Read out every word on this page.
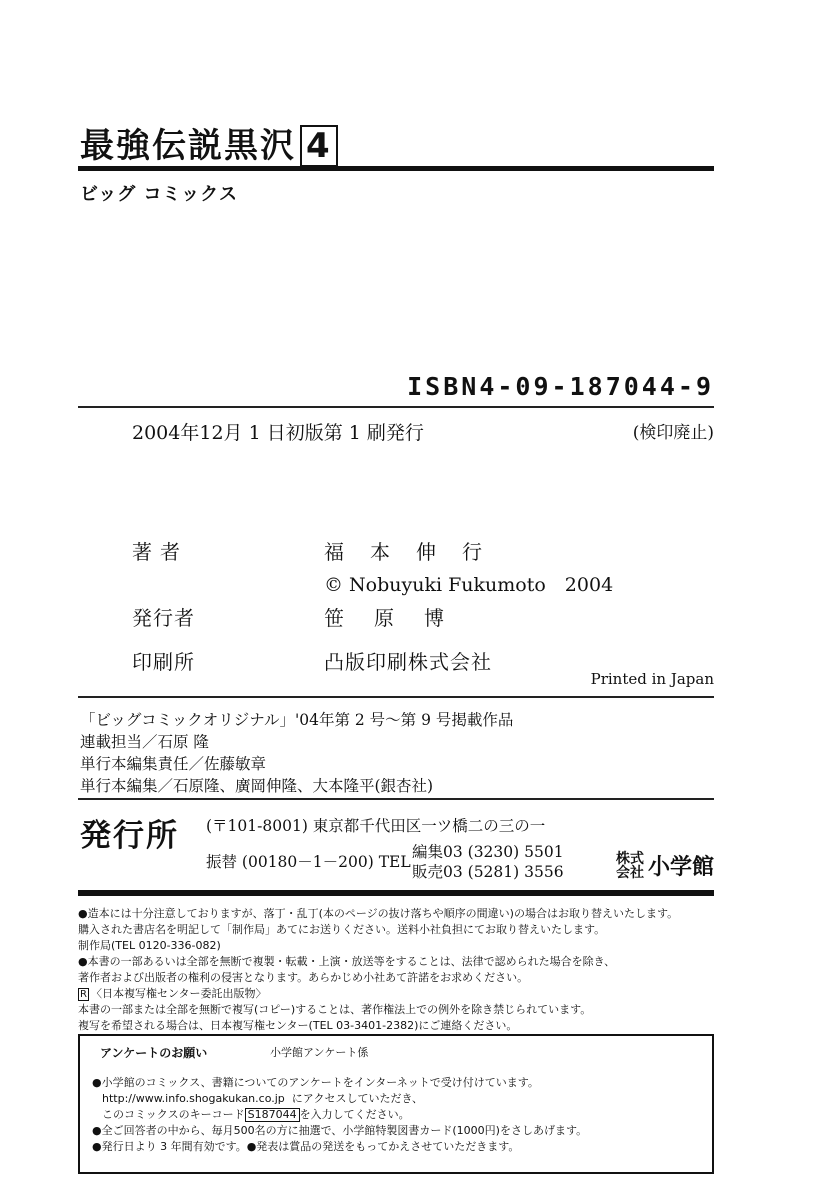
最強伝説黒沢 4
ビッグ コミックス
ISBN4-09-187044-9
2004年12月 1 日初版第 1 刷発行	(検印廃止)
著者	福本伸行
© Nobuyuki Fukumoto　2004
発行者	笹原博
印刷所	凸版印刷株式会社
Printed in Japan
「ビッグコミックオリジナル」'04年第 2 号～第 9 号掲載作品
連載担当／石原 隆
単行本編集責任／佐藤敏章
単行本編集／石原隆、廣岡伸隆、大本隆平(銀杏社)
発行所 (〒101-8001) 東京都千代田区一ツ橋二の三の一
振替 (00180－1－200) TEL
編集03 (3230) 5501
販売03 (5281) 3556
株式
会社 小学館
●造本には十分注意しておりますが、落丁・乱丁(本のページの抜け落ちや順序の間違い)の場合はお取り替えいたします。
購入された書店名を明記して「制作局」あてにお送りください。送料小社負担にてお取り替えいたします。
制作局(TEL 0120-336-082)
●本書の一部あるいは全部を無断で複製・転載・上演・放送等をすることは、法律で認められた場合を除き、
著作者および出版者の権利の侵害となります。あらかじめ小社あて許諾をお求めください。
R 〈日本複写権センター委託出版物〉
本書の一部または全部を無断で複写(コピー)することは、著作権法上での例外を除き禁じられています。
複写を希望される場合は、日本複写権センター(TEL 03-3401-2382)にご連絡ください。
アンケートのお願い	小学館アンケート係
●小学館のコミックス、書籍についてのアンケートをインターネットで受け付けています。
http://www.info.shogakukan.co.jp にアクセスしていただき、
このコミックスのキーコード S187044 を入力してください。
●全ご回答者の中から、毎月500名の方に抽選で、小学館特製図書カード(1000円)をさしあげます。
●発行日より 3 年間有効です。●発表は賞品の発送をもってかえさせていただきます。
